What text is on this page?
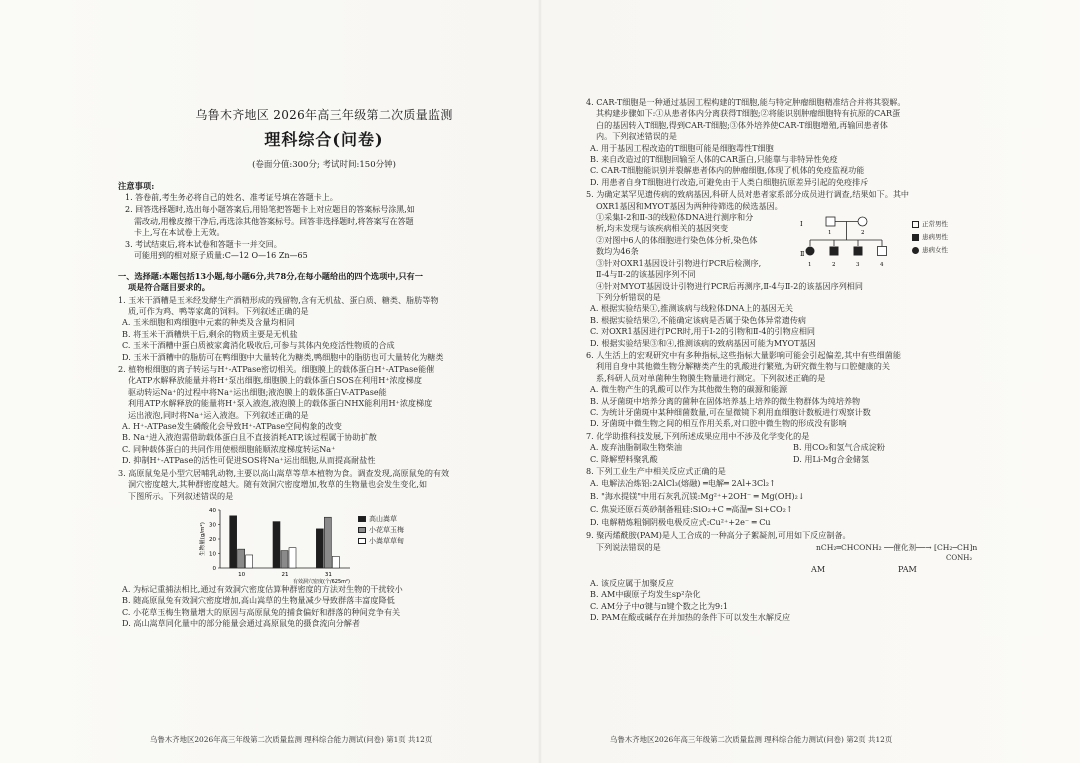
乌鲁木齐地区 2026年高三年级第二次质量监测
理科综合(问卷)
(卷面分值:300分; 考试时间:150分钟)
注意事项:
1. 答卷前,考生务必将自己的姓名、准考证号填在答题卡上。
2. 回答选择题时,选出每小题答案后,用铅笔把答题卡上对应题目的答案标号涂黑,如
需改动,用橡皮擦干净后,再选涂其他答案标号。回答非选择题时,将答案写在答题
卡上,写在本试卷上无效。
3. 考试结束后,将本试卷和答题卡一并交回。
可能用到的相对原子质量:C—12 O—16 Zn—65
一、选择题:本题包括13小题,每小题6分,共78分,在每小题给出的四个选项中,只有一
项是符合题目要求的。
1. 玉米干酒糟是玉米经发酵生产酒精形成的残留物,含有无机盐、蛋白质、糖类、脂肪等物
质,可作为鸡、鸭等家禽的饲料。下列叙述正确的是
A. 玉米细胞和鸡细胞中元素的种类及含量均相同
B. 将玉米干酒糟烘干后,剩余的物质主要是无机盐
C. 玉米干酒糟中蛋白质被家禽消化吸收后,可参与其体内免疫活性物质的合成
D. 玉米干酒糟中的脂肪可在鸭细胞中大量转化为糖类,鸭细胞中的脂肪也可大量转化为糖类
2. 植物根细胞的离子转运与H⁺-ATPase密切相关。细胞膜上的载体蛋白H⁺-ATPase能催
化ATP水解释放能量并将H⁺泵出细胞,细胞膜上的载体蛋白SOS在利用H⁺浓度梯度
驱动转运Na⁺的过程中将Na⁺运出细胞;液泡膜上的载体蛋白V-ATPase能
利用ATP水解释放的能量将H⁺泵入液泡,液泡膜上的载体蛋白NHX能利用H⁺浓度梯度
运出液泡,同时将Na⁺运入液泡。下列叙述正确的是
A. H⁺-ATPase发生磷酸化会导致H⁺-ATPase空间构象的改变
B. Na⁺进入液泡需借助载体蛋白且不直接消耗ATP,该过程属于协助扩散
C. 同种载体蛋白的共同作用使根细胞能顺浓度梯度转运Na⁺
D. 抑制H⁺-ATPase的活性可促进SOS将Na⁺运出细胞,从而提高耐盐性
3. 高原鼠兔是小型穴居哺乳动物,主要以高山嵩草等草本植物为食。调查发现,高原鼠兔的有效
洞穴密度越大,其种群密度越大。随有效洞穴密度增加,牧草的生物量也会发生变化,如
下图所示。下列叙述错误的是
0
10
20
30
40
生物量(g/m²)
10	21	31
有效洞穴密度(个/625m²)
高山嵩草
小花草玉梅
小嵩草草甸
A. 为标记重捕法相比,通过有效洞穴密度估算种群密度的方法对生物的干扰较小
B. 随高原鼠兔有效洞穴密度增加,高山嵩草的生物量减少导致群落丰富度降低
C. 小花草玉梅生物量增大的原因与高原鼠兔的捕食偏好和群落的种间竞争有关
D. 高山嵩草同化量中的部分能量会通过高原鼠兔的摄食流向分解者
4. CAR-T细胞是一种通过基因工程构建的T细胞,能与特定肿瘤细胞精准结合并将其裂解。
其构建步骤如下:①从患者体内分离获得T细胞;②将能识别肿瘤细胞特有抗原的CAR蛋
白的基因转入T细胞,得到CAR-T细胞;③体外培养使CAR-T细胞增殖,再输回患者体
内。下列叙述错误的是
A. 用于基因工程改造的T细胞可能是细胞毒性T细胞
B. 来自改造过的T细胞回输至人体的CAR蛋白,只能靠与非特异性免疫
C. CAR-T细胞能识别并裂解患者体内的肿瘤细胞,体现了机体的免疫监视功能
D. 用患者自身T细胞进行改造,可避免由于人类白细胞抗原差异引起的免疫排斥
5. 为确定某罕见遗传病的致病基因,科研人员对患者家系部分成员进行调查,结果如下。其中
OXR1基因和MYOT基因为两种待筛选的候选基因。
①采集Ⅰ-2和Ⅱ-3的线粒体DNA进行测序和分
析,均未发现与该疾病相关的基因突变
②对图中6人的体细胞进行染色体分析,染色体
数均为46条
③针对OXR1基因设计引物进行PCR后检测序,
Ⅱ-4与Ⅱ-2的该基因序列不同
Ⅰ
Ⅱ
1	2
1	2	3	4
正常男性
患病男性
患病女性
④针对MYOT基因设计引物进行PCR后再测序,Ⅱ-4与Ⅱ-2的该基因序列相同
下列分析错误的是
A. 根据实验结果①,推测该病与线粒体DNA上的基因无关
B. 根据实验结果②,不能确定该病是否属于染色体异常遗传病
C. 对OXR1基因进行PCR时,用于Ⅰ-2的引物和Ⅱ-4的引物应相同
D. 根据实验结果③和④,推测该病的致病基因可能为MYOT基因
6. 人生活上的宏观研究中有多种指标,这些指标大量影响可能会引起偏差,其中有些细菌能
利用自身中其他微生物分解糖类产生的乳酸进行繁殖,为研究微生物与口腔健康的关
系,科研人员对单菌种生物膜生物量进行测定。下列叙述正确的是
A. 微生物产生的乳酸可以作为其他微生物的碳源和能源
B. 从牙菌斑中培养分离的菌种在固体培养基上培养的微生物群体为纯培养物
C. 为统计牙菌斑中某种细菌数量,可在显微镜下利用血细胞计数板进行观察计数
D. 牙菌斑中微生物之间的相互作用关系,对口腔中微生物的形成没有影响
7. 化学助推科技发展,下列所述成果应用中不涉及化学变化的是
A. 废弃油脂制取生物柴油	B. 用CO₂和氢气合成淀粉
C. 降解塑料聚乳酸	D. 用Li-Mg合金储氢
8. 下列工业生产中相关反应式正确的是
A. 电解法冶炼铝:2AlCl₃(熔融) ═电解═ 2Al+3Cl₂↑
B. "海水提镁"中用石灰乳沉镁:Mg²⁺+2OH⁻ ═ Mg(OH)₂↓
C. 焦炭还原石英砂制备粗硅:SiO₂+C ═高温═ Si+CO₂↑
D. 电解精炼粗铜阴极电极反应式:Cu²⁺+2e⁻ ═ Cu
9. 聚丙烯酰胺(PAM)是人工合成的一种高分子絮凝剂,可用如下反应制备。
下列说法错误的是	nCH₂═CHCONH₂ ──催化剂──→ [CH₂─CH]n
CONH₂
AM	PAM
A. 该反应属于加聚反应
B. AM中碳原子均发生sp²杂化
C. AM分子中σ键与π键个数之比为9:1
D. PAM在酸或碱存在并加热的条件下可以发生水解反应
乌鲁木齐地区2026年高三年级第二次质量监测 理科综合能力测试(问卷) 第1页 共12页	乌鲁木齐地区2026年高三年级第二次质量监测 理科综合能力测试(问卷) 第2页 共12页
